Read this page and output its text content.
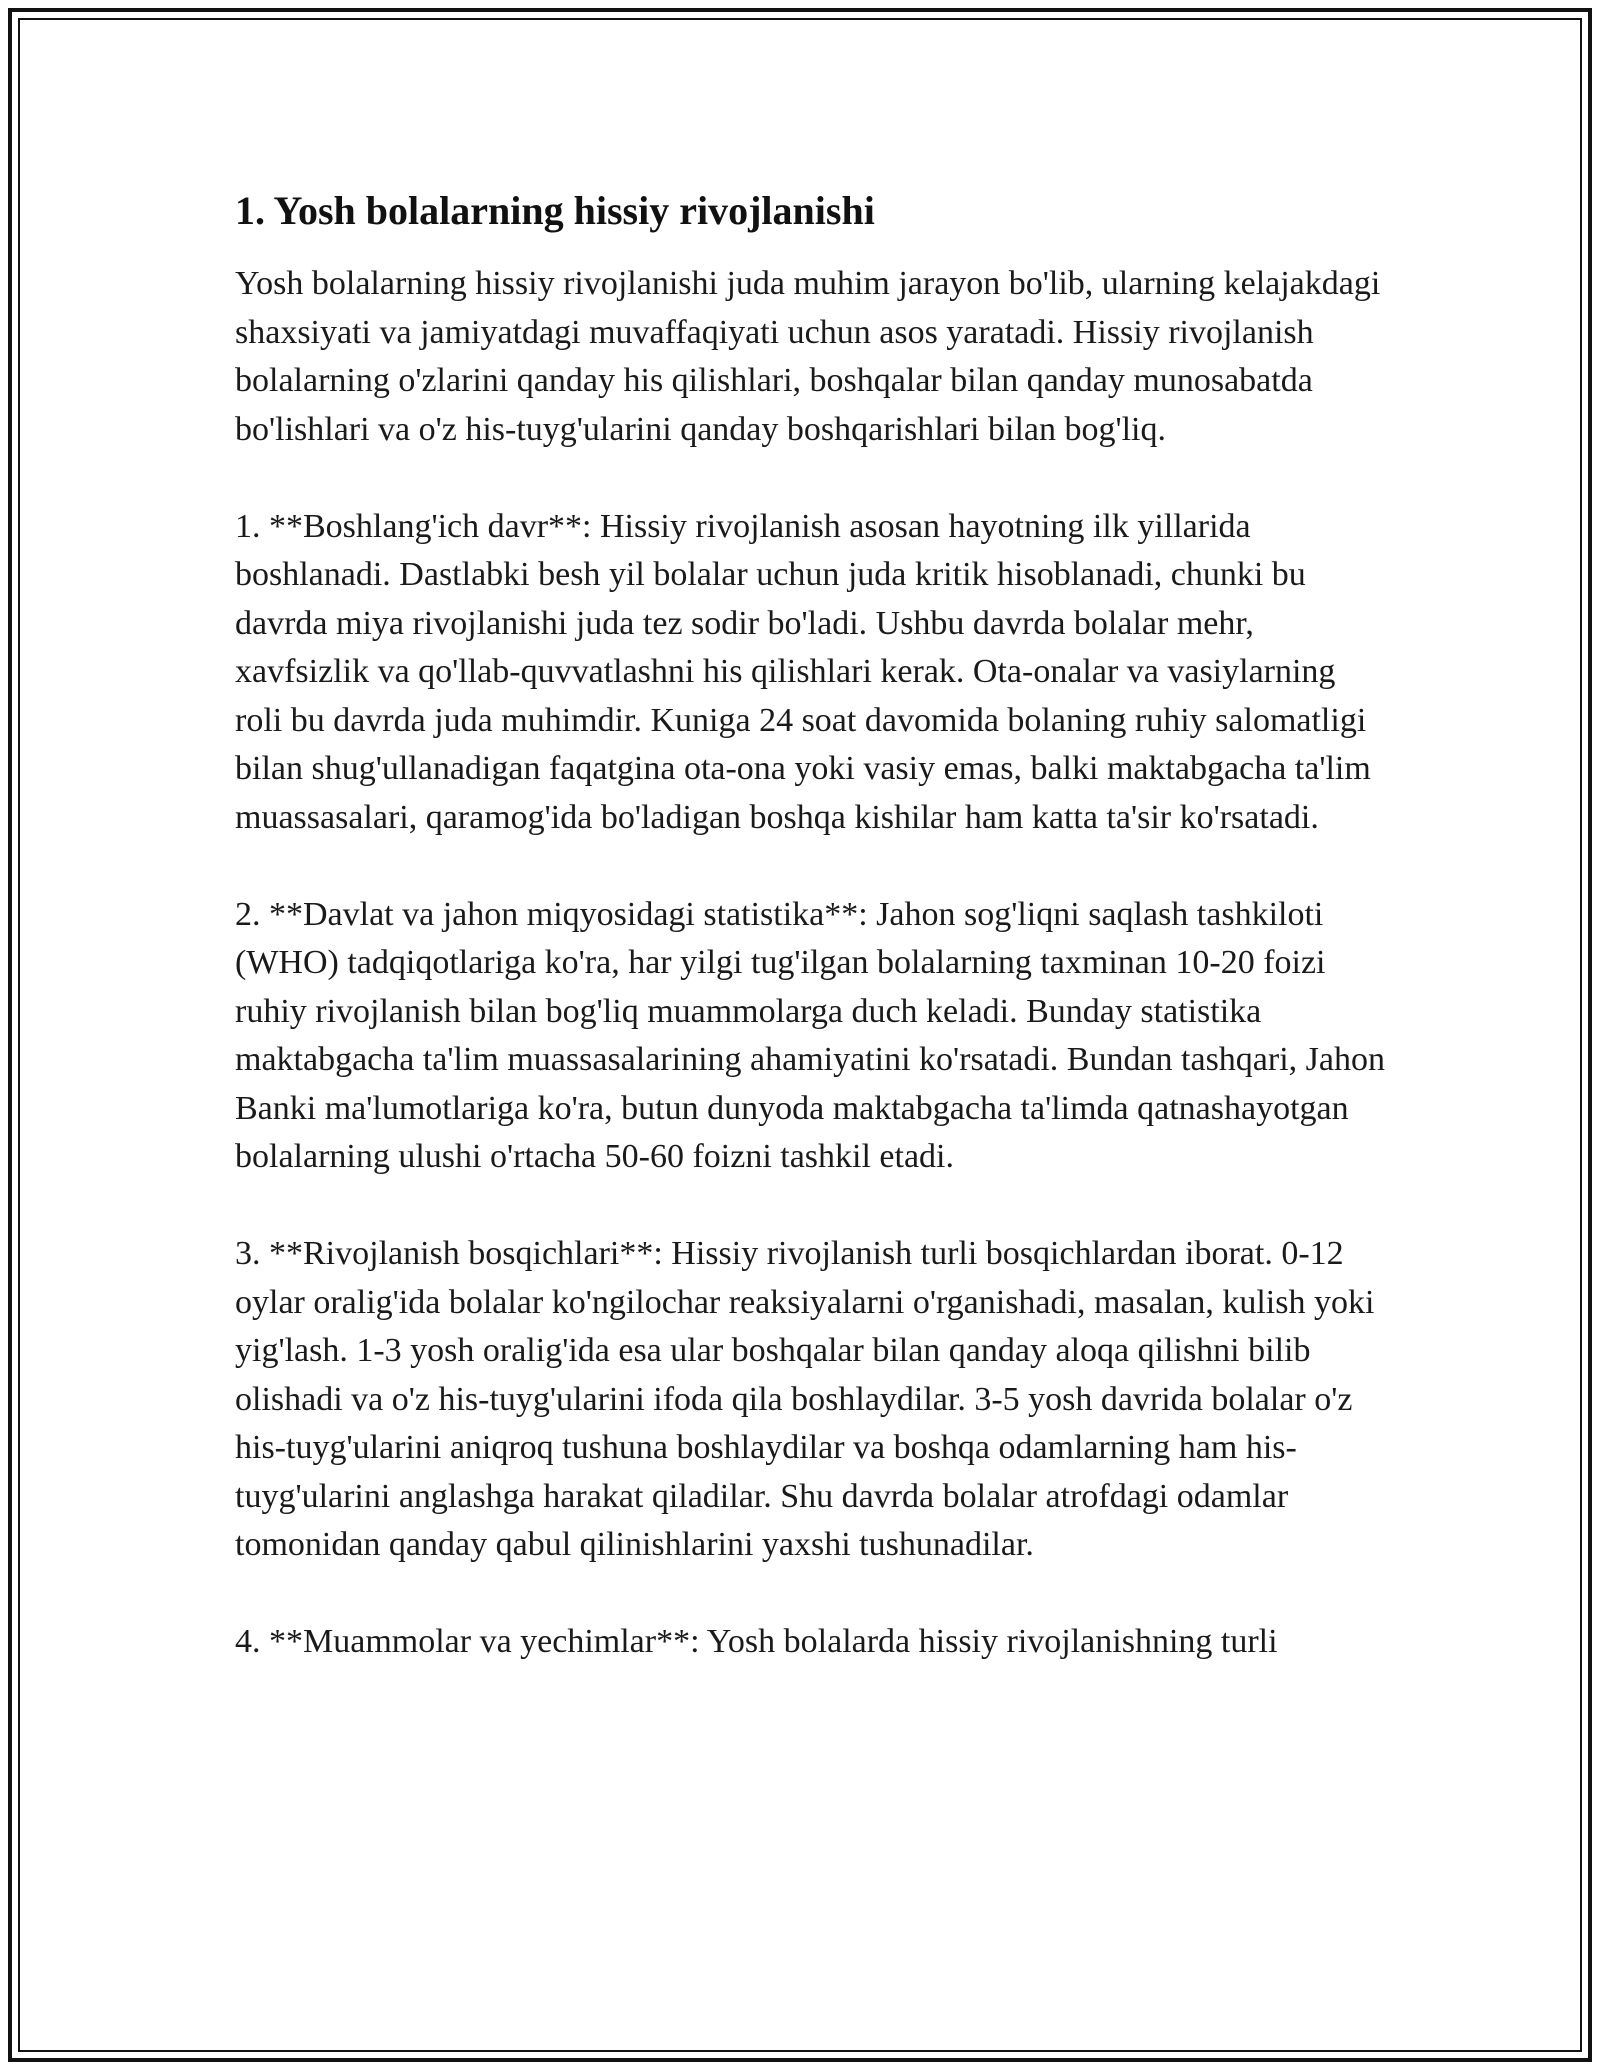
1. Yosh bolalarning hissiy rivojlanishi

Yosh bolalarning hissiy rivojlanishi juda muhim jarayon bo'lib, ularning kelajakdagi shaxsiyati va jamiyatdagi muvaffaqiyati uchun asos yaratadi. Hissiy rivojlanish bolalarning o'zlarini qanday his qilishlari, boshqalar bilan qanday munosabatda bo'lishlari va o'z his-tuyg'ularini qanday boshqarishlari bilan bog'liq.

1. **Boshlang'ich davr**: Hissiy rivojlanish asosan hayotning ilk yillarida boshlanadi. Dastlabki besh yil bolalar uchun juda kritik hisoblanadi, chunki bu davrda miya rivojlanishi juda tez sodir bo'ladi. Ushbu davrda bolalar mehr, xavfsizlik va qo'llab-quvvatlashni his qilishlari kerak. Ota-onalar va vasiylarning roli bu davrda juda muhimdir. Kuniga 24 soat davomida bolaning ruhiy salomatligi bilan shug'ullanadigan faqatgina ota-ona yoki vasiy emas, balki maktabgacha ta'lim muassasalari, qaramog'ida bo'ladigan boshqa kishilar ham katta ta'sir ko'rsatadi.

2. **Davlat va jahon miqyosidagi statistika**: Jahon sog'liqni saqlash tashkiloti (WHO) tadqiqotlariga ko'ra, har yilgi tug'ilgan bolalarning taxminan 10-20 foizi ruhiy rivojlanish bilan bog'liq muammolarga duch keladi. Bunday statistika maktabgacha ta'lim muassasalarining ahamiyatini ko'rsatadi. Bundan tashqari, Jahon Banki ma'lumotlariga ko'ra, butun dunyoda maktabgacha ta'limda qatnashayotgan bolalarning ulushi o'rtacha 50-60 foizni tashkil etadi.

3. **Rivojlanish bosqichlari**: Hissiy rivojlanish turli bosqichlardan iborat. 0-12 oylar oralig'ida bolalar ko'ngilochar reaksiyalarni o'rganishadi, masalan, kulish yoki yig'lash. 1-3 yosh oralig'ida esa ular boshqalar bilan qanday aloqa qilishni bilib olishadi va o'z his-tuyg'ularini ifoda qila boshlaydilar. 3-5 yosh davrida bolalar o'z his-tuyg'ularini aniqroq tushuna boshlaydilar va boshqa odamlarning ham his-tuyg'ularini anglashga harakat qiladilar. Shu davrda bolalar atrofdagi odamlar tomonidan qanday qabul qilinishlarini yaxshi tushunadilar.

4. **Muammolar va yechimlar**: Yosh bolalarda hissiy rivojlanishning turli
